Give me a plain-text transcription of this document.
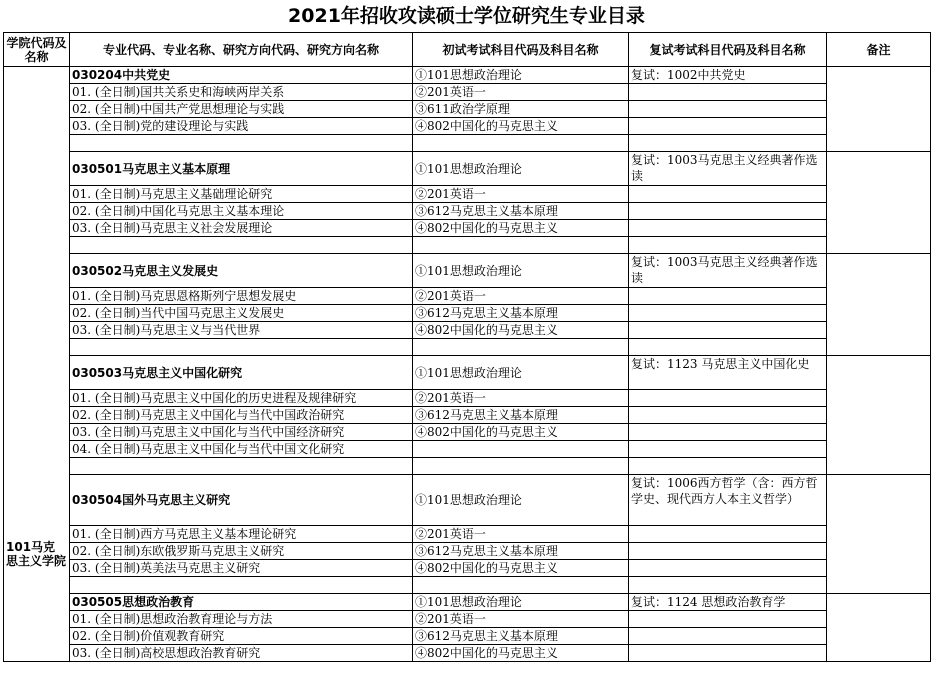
2021年招收攻读硕士学位研究生专业目录
学院代码及名称	专业代码、专业名称、研究方向代码、研究方向名称	初试考试科目代码及科目名称	复试考试科目代码及科目名称	备注
101马克思主义学院	030204中共党史	①101思想政治理论	复试：1002中共党史	
	01. (全日制)国共关系史和海峡两岸关系	②201英语一		
	02. (全日制)中国共产党思想理论与实践	③611政治学原理		
	03. (全日制)党的建设理论与实践	④802中国化的马克思主义		

	030501马克思主义基本原理	①101思想政治理论	复试：1003马克思主义经典著作选读	
	01. (全日制)马克思主义基础理论研究	②201英语一		
	02. (全日制)中国化马克思主义基本理论	③612马克思主义基本原理		
	03. (全日制)马克思主义社会发展理论	④802中国化的马克思主义		

	030502马克思主义发展史	①101思想政治理论	复试：1003马克思主义经典著作选读	
	01. (全日制)马克思恩格斯列宁思想发展史	②201英语一		
	02. (全日制)当代中国马克思主义发展史	③612马克思主义基本原理		
	03. (全日制)马克思主义与当代世界	④802中国化的马克思主义		

	030503马克思主义中国化研究	①101思想政治理论	复试：1123 马克思主义中国化史	
	01. (全日制)马克思主义中国化的历史进程及规律研究	②201英语一		
	02. (全日制)马克思主义中国化与当代中国政治研究	③612马克思主义基本原理		
	03. (全日制)马克思主义中国化与当代中国经济研究	④802中国化的马克思主义		
	04. (全日制)马克思主义中国化与当代中国文化研究			

	030504国外马克思主义研究	①101思想政治理论	复试：1006西方哲学（含：西方哲学史、现代西方人本主义哲学）	
	01. (全日制)西方马克思主义基本理论研究	②201英语一		
	02. (全日制)东欧俄罗斯马克思主义研究	③612马克思主义基本原理		
	03. (全日制)英美法马克思主义研究	④802中国化的马克思主义		

	030505思想政治教育	①101思想政治理论	复试：1124 思想政治教育学	
	01. (全日制)思想政治教育理论与方法	②201英语一		
	02. (全日制)价值观教育研究	③612马克思主义基本原理		
	03. (全日制)高校思想政治教育研究	④802中国化的马克思主义		
